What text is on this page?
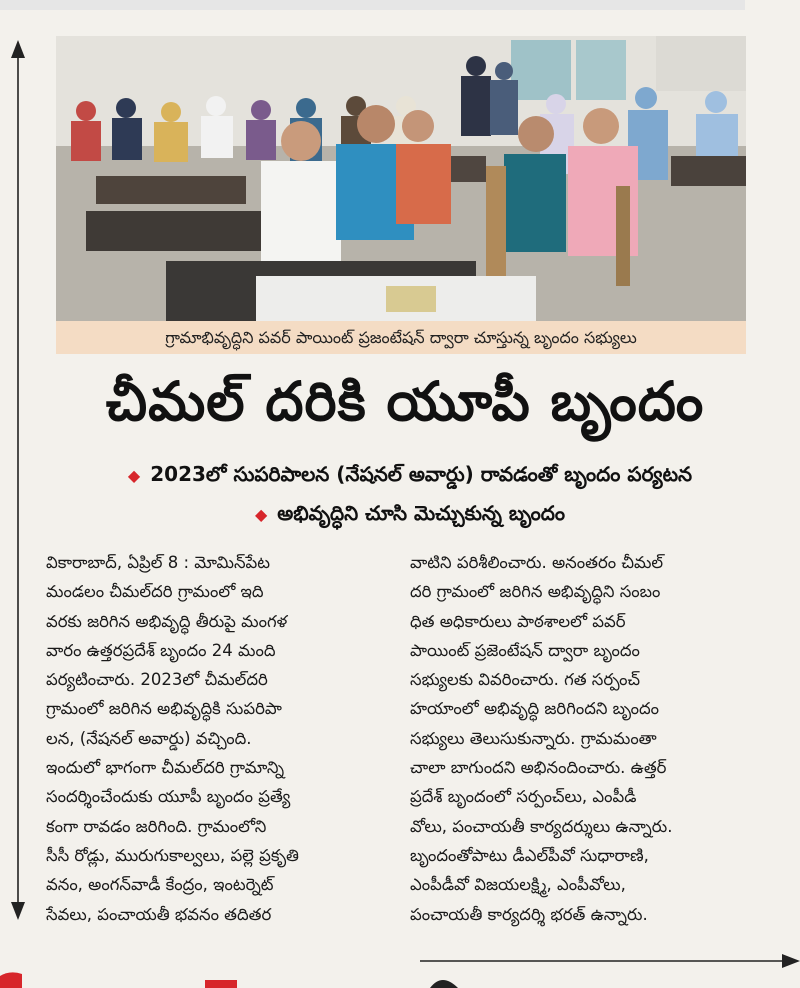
గ్రామాభివృద్ధిని పవర్ పాయింట్ ప్రజంటేషన్ ద్వారా చూస్తున్న బృందం సభ్యులు
చీమల్ దరికి యూపీ బృందం
◆ 2023లో సుపరిపాలన (నేషనల్ అవార్డు) రావడంతో బృందం పర్యటన
◆ అభివృద్ధిని చూసి మెచ్చుకున్న బృందం
వికారాబాద్, ఏప్రిల్ 8 : మోమిన్‌పేట
మండలం చీమల్‌దరి గ్రామంలో ఇది
వరకు జరిగిన అభివృద్ధి తీరుపై మంగళ
వారం ఉత్తరప్రదేశ్ బృందం 24 మంది
పర్యటించారు. 2023లో చీమల్‌దరి
గ్రామంలో జరిగిన అభివృద్ధికి సుపరిపా
లన, (నేషనల్ అవార్డు) వచ్చింది.
ఇందులో భాగంగా చీమల్‌దరి గ్రామాన్ని
సందర్శించేందుకు యూపీ బృందం ప్రత్యే
కంగా రావడం జరిగింది. గ్రామంలోని
సీసీ రోడ్లు, మురుగుకాల్వలు, పల్లె ప్రకృతి
వనం, అంగన్‌వాడీ కేంద్రం, ఇంటర్నెట్
సేవలు, పంచాయతీ భవనం తదితర
వాటిని పరిశీలించారు. అనంతరం చీమల్
దరి గ్రామంలో జరిగిన అభివృద్ధిని సంబం
ధిత అధికారులు పాఠశాలలో పవర్
పాయింట్ ప్రజెంటేషన్ ద్వారా బృందం
సభ్యులకు వివరించారు. గత సర్పంచ్
హయాంలో అభివృద్ధి జరిగిందని బృందం
సభ్యులు తెలుసుకున్నారు. గ్రామమంతా
చాలా బాగుందని అభినందించారు. ఉత్తర్
ప్రదేశ్ బృందంలో సర్పంచ్‌లు, ఎంపీడీ
వోలు, పంచాయతీ కార్యదర్శులు ఉన్నారు.
బృందంతోపాటు డీఎల్‌పీవో సుధారాణి,
ఎంపీడీవో విజయలక్ష్మి, ఎంపీవోలు,
పంచాయతీ కార్యదర్శి భరత్ ఉన్నారు.
